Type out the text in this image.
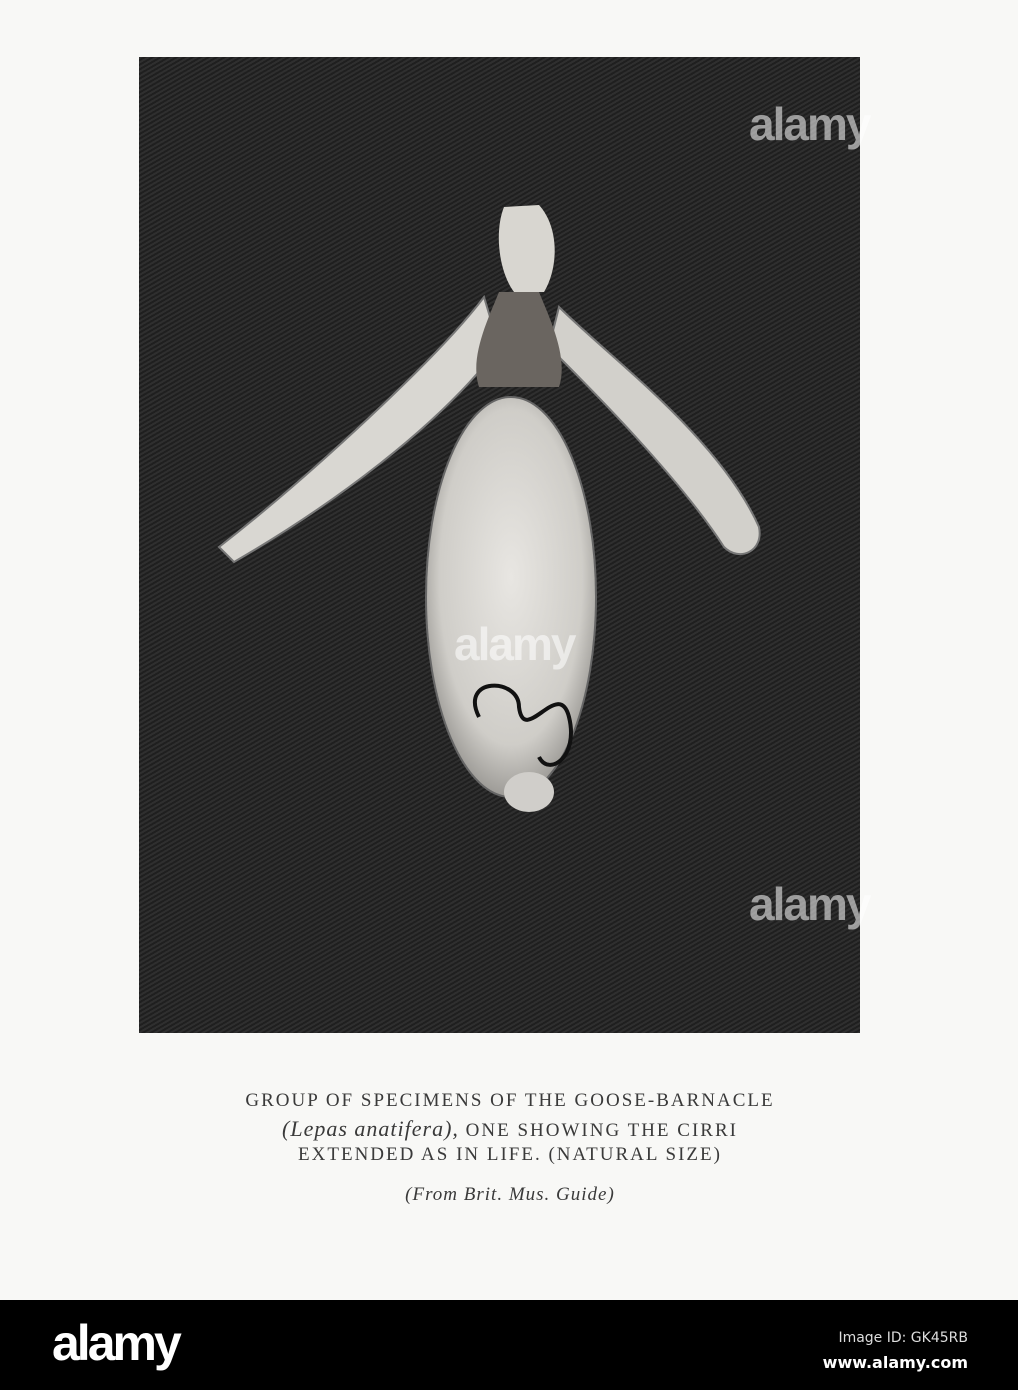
alamy
alamy
alamy
GROUP OF SPECIMENS OF THE GOOSE-BARNACLE
(Lepas anatifera), ONE SHOWING THE CIRRI
EXTENDED AS IN LIFE. (NATURAL SIZE)
(From Brit. Mus. Guide)
alamy	Image ID: GK45RB
www.alamy.com
